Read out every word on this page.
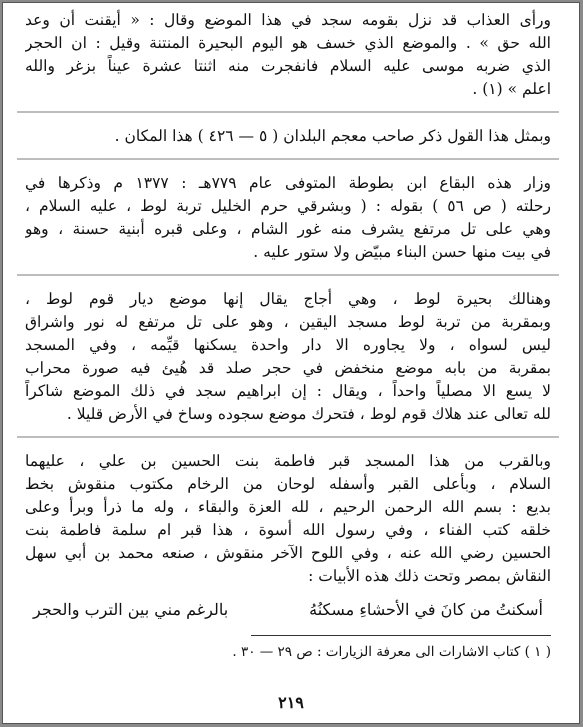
ورأى العذاب قد نزل بقومه سجد في هذا الموضع وقال : « أيقنت أن وعد
الله حق » . والموضع الذي خسف هو اليوم البحيرة المنتنة وقيل : ان الحجر
الذي ضربه موسى عليه السلام فانفجرت منه اثنتا عشرة عيناً بزغر والله
اعلم » (١) .
وبمثل هذا القول ذكر صاحب معجم البلدان ( ٥ — ٤٢٦ ) هذا المكان .
وزار هذه البقاع ابن بطوطة المتوفى عام ٧٧٩هـ : ١٣٧٧ م وذكرها في
رحلته ( ص ٥٦ ) بقوله : ( وبشرقي حرم الخليل تربة لوط ، عليه السلام ،
وهي على تل مرتفع يشرف منه غور الشام ، وعلى قبره أبنية حسنة ، وهو
في بيت منها حسن البناء مبيّض ولا ستور عليه .
وهنالك بحيرة لوط ، وهي أجاج يقال إنها موضع ديار قوم لوط ،
وبمقربة من تربة لوط مسجد اليقين ، وهو على تل مرتفع له نور واشراق
ليس لسواه ، ولا يجاوره الا دار واحدة يسكنها قيِّمه ، وفي المسجد
بمقربة من بابه موضع منخفض في حجر صلد قد هُيئ فيه صورة محراب
لا يسع الا مصلياً واحداً ، ويقال : إن ابراهيم سجد في ذلك الموضع شاكراً
لله تعالى عند هلاك قوم لوط ، فتحرك موضع سجوده وساخ في الأرض قليلا .
وبالقرب من هذا المسجد قبر فاطمة بنت الحسين بن علي ، عليهما
السلام ، وبأعلى القبر وأسفله لوحان من الرخام مكتوب منقوش بخط
بديع : بسم الله الرحمن الرحيم ، لله العزة والبقاء ، وله ما ذرأ وبرأ وعلى
خلقه كتب الفناء ، وفي رسول الله أسوة ، هذا قبر ام سلمة فاطمة بنت
الحسين رضي الله عنه ، وفي اللوح الآخر منقوش ، صنعه محمد بن أبي سهل
النقاش بمصر وتحت ذلك هذه الأبيات :
أسكنتُ من كانَ في الأحشاءِ مسكنُهُ
بالرغم مني بين الترب والحجر
( ١ ) كتاب الاشارات الى معرفة الزيارات : ص ٢٩ — ٣٠ .
٢١٩
